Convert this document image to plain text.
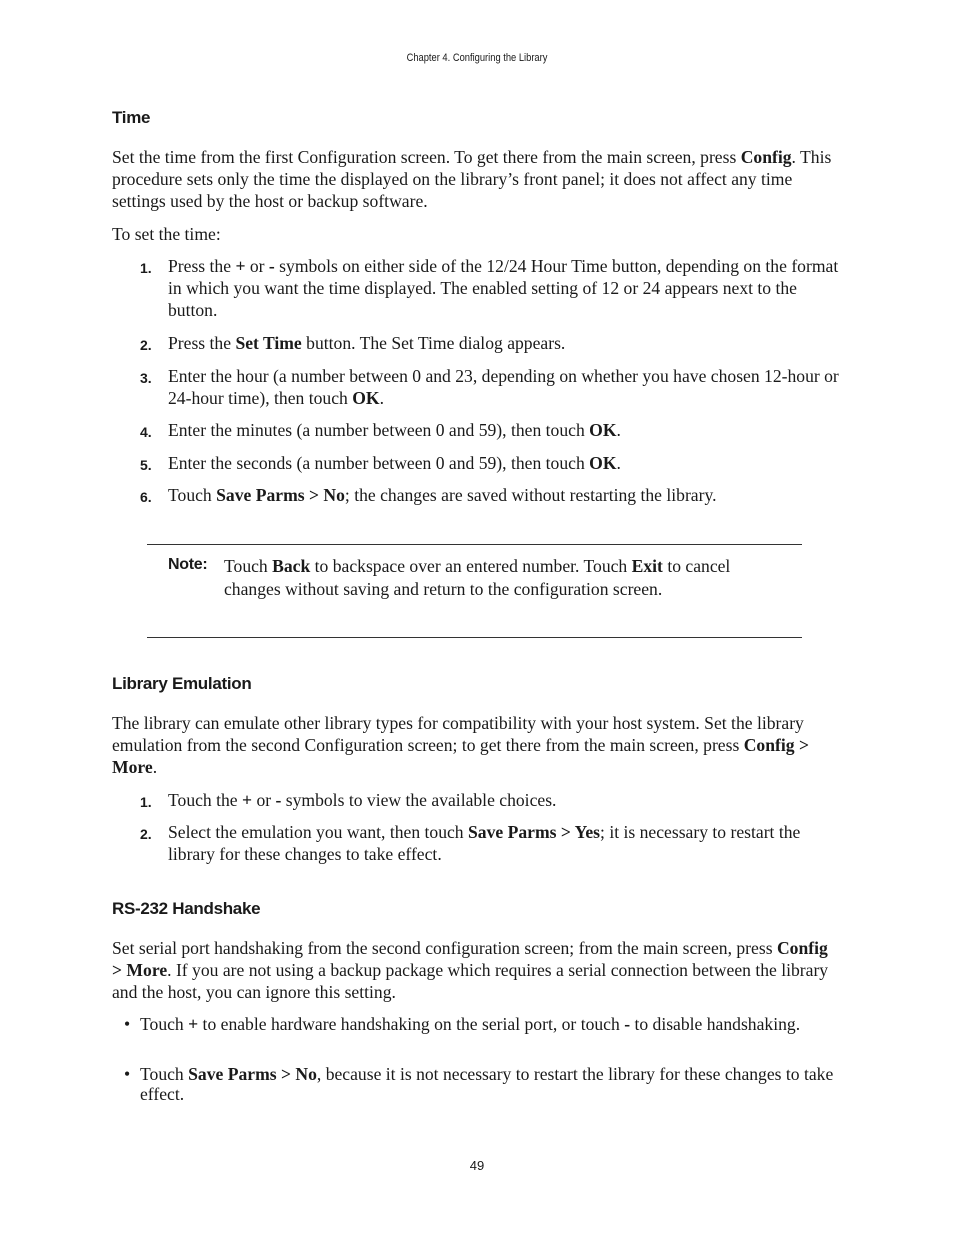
Chapter 4. Configuring the Library
Time
Set the time from the first Configuration screen. To get there from the main screen, press Config. This procedure sets only the time the displayed on the library’s front panel; it does not affect any time settings used by the host or backup software.
To set the time:
1. Press the + or - symbols on either side of the 12/24 Hour Time button, depending on the format in which you want the time displayed. The enabled setting of 12 or 24 appears next to the button.
2. Press the Set Time button. The Set Time dialog appears.
3. Enter the hour (a number between 0 and 23, depending on whether you have chosen 12-hour or 24-hour time), then touch OK.
4. Enter the minutes (a number between 0 and 59), then touch OK.
5. Enter the seconds (a number between 0 and 59), then touch OK.
6. Touch Save Parms > No; the changes are saved without restarting the library.
Note: Touch Back to backspace over an entered number. Touch Exit to cancel changes without saving and return to the configuration screen.
Library Emulation
The library can emulate other library types for compatibility with your host system. Set the library emulation from the second Configuration screen; to get there from the main screen, press Config > More.
1. Touch the + or - symbols to view the available choices.
2. Select the emulation you want, then touch Save Parms > Yes; it is necessary to restart the library for these changes to take effect.
RS-232 Handshake
Set serial port handshaking from the second configuration screen; from the main screen, press Config > More. If you are not using a backup package which requires a serial connection between the library and the host, you can ignore this setting.
• Touch + to enable hardware handshaking on the serial port, or touch - to disable handshaking.
• Touch Save Parms > No, because it is not necessary to restart the library for these changes to take effect.
49
